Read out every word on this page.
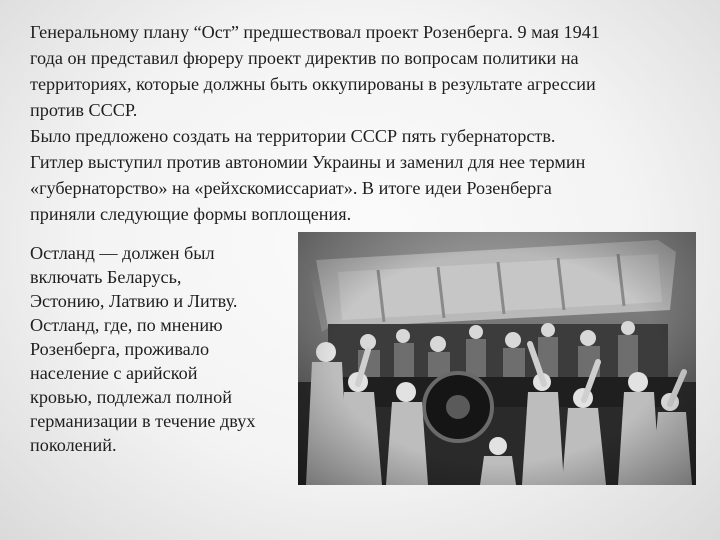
Генеральному плану “Ост” предшествовал проект Розенберга. 9 мая 1941
года он представил фюреру проект директив по вопросам политики на
территориях, которые должны быть оккупированы в результате агрессии
против СССР.
Было предложено создать на территории СССР пять губернаторств.
Гитлер выступил против автономии Украины и заменил для нее термин
«губернаторство» на «рейхскомиссариат». В итоге идеи Розенберга
приняли следующие формы воплощения.

Остланд — должен был
включать Беларусь,
Эстонию, Латвию и Литву.
Остланд, где, по мнению
Розенберга, проживало
население с арийской
кровью, подлежал полной
германизации в течение двух
поколений.
